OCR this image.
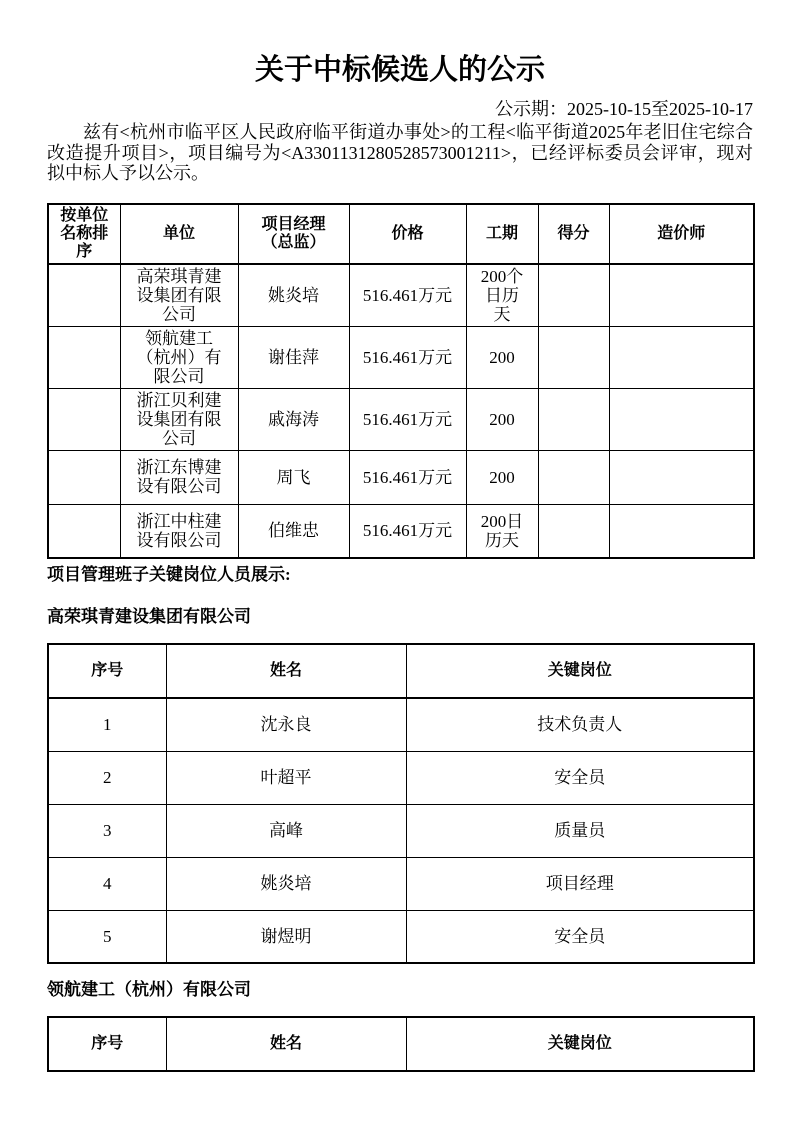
关于中标候选人的公示
公示期：2025-10-15至2025-10-17

兹有<杭州市临平区人民政府临平街道办事处>的工程<临平街道2025年老旧住宅综合改造提升项目>，项目编号为<A3301131280528573001211>，已经评标委员会评审，现对拟中标人予以公示。

按单位名称排序	单位	项目经理（总监）	价格	工期	得分	造价师
	高荣琪青建设集团有限公司	姚炎培	516.461万元	200个日历天		
	领航建工（杭州）有限公司	谢佳萍	516.461万元	200		
	浙江贝利建设集团有限公司	戚海涛	516.461万元	200		
	浙江东博建设有限公司	周飞	516.461万元	200		
	浙江中柱建设有限公司	伯维忠	516.461万元	200日历天		
项目管理班子关键岗位人员展示:
高荣琪青建设集团有限公司
序号	姓名	关键岗位
1	沈永良	技术负责人
2	叶超平	安全员
3	高峰	质量员
4	姚炎培	项目经理
5	谢煜明	安全员
领航建工（杭州）有限公司
序号	姓名	关键岗位
